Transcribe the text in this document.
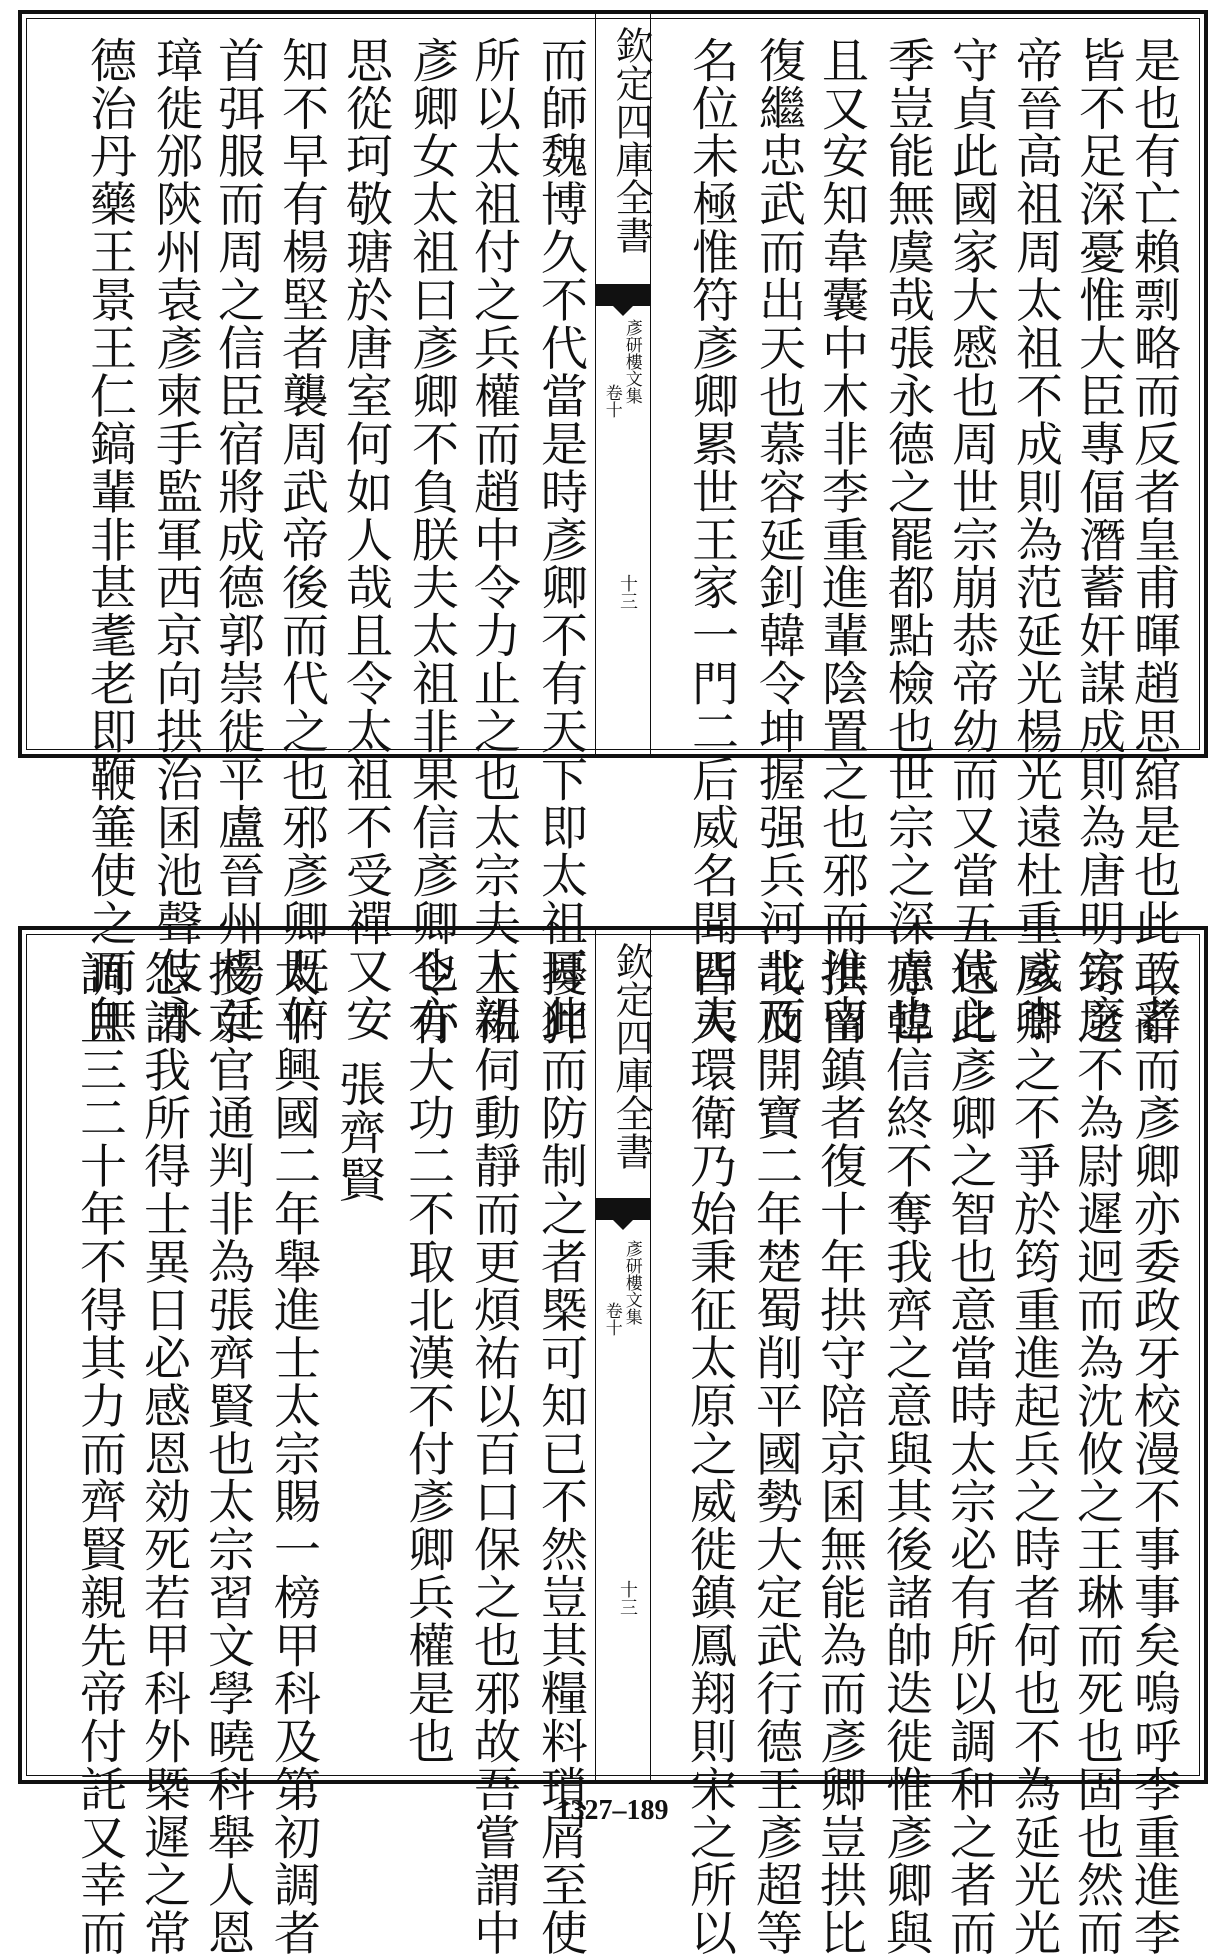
是也有亡賴剽略而反者皇甫暉趙思綰是也此三者
皆不足深憂惟大臣專偪潛蓄奸謀成則為唐明宗廢
帝晉高祖周太祖不成則為范延光楊光遠杜重威李
守貞此國家大慼也周世宗崩恭帝幼而又當五代之
季豈能無虞哉張永德之罷都點檢也世宗之深慮也
且又安知韋囊中木非李重進輩陰置之也邪而淮南
復繼忠武而出天也慕容延釗韓令坤握强兵河北而
名位未極惟符彥卿累世王家一門二后威名聞四夷
欽定四庫全書
彥研樓文集
卷十
十三
而師魏博久不代當是時彥卿不有天下即太祖耳此
所以太祖付之兵權而趙中令力止之也太宗夫人親
彥卿女太祖曰彥卿不負朕夫太祖非果信彥卿也亦
思從珂敬瑭於唐室何如人哉且令太祖不受禪又安
知不早有楊堅者襲周武帝後而代之也邪彥卿既俯
首弭服而周之信臣宿將成德郭崇徙平盧晉州楊廷
璋徙邠陝州袁彥柬手監軍西京向拱治囷池聲伎永
德治丹藥王景王仁鎬輩非甚耄老即鞭箠使之而無
敢辭而彥卿亦委政牙校漫不事事矣嗚呼李重進李
筠之不為尉遲迥而為沈攸之王琳而死也固也然而
彥卿之不爭於筠重進起兵之時者何也不為延光光
遠此彥卿之智也意當時太宗必有所以調和之者而
亦韓信終不奪我齊之意與其後諸帥迭徙惟彥卿與
拱留鎮者復十年拱守陪京囷無能為而彥卿豈拱比
哉及開寶二年楚蜀削平國勢大定武行德王彥超等
皆入環衛乃始秉征太原之威徙鎮鳳翔則宋之所以
欽定四庫全書
彥研樓文集
卷十
十三
擾狎而防制之者槩可知已不然豈其糧料瑣屑至使
王祐伺動靜而更煩祐以百口保之也邪故吾嘗謂中
令有大功二不取北漢不付彥卿兵權是也
張齊賢
太平興國二年舉進士太宗賜一榜甲科及第初調者
授京官通判非為張齊賢也太宗習文學曉科舉人恩
怨謂我所得士異日必感恩効死若甲科外槩遲之常
調且三二十年不得其力而齊賢親先帝付託又幸而	1327–189
